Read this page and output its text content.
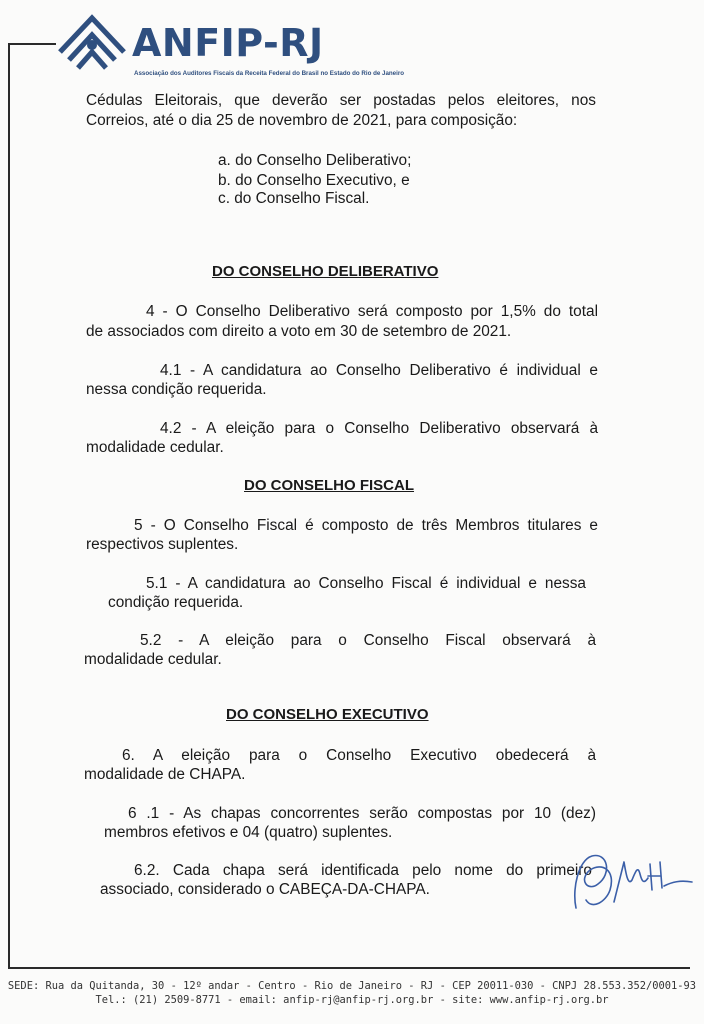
ANFIP-RJ
Associação dos Auditores Fiscais da Receita Federal do Brasil no Estado do Rio de Janeiro
Cédulas Eleitorais, que deverão ser postadas pelos eleitores, nos
Correios, até o dia 25 de novembro de 2021, para composição:
a. do Conselho Deliberativo;
b. do Conselho Executivo, e
c. do Conselho Fiscal.
DO CONSELHO DELIBERATIVO
4 - O Conselho Deliberativo será composto por 1,5% do total
de associados com direito a voto em 30 de setembro de 2021.
4.1 - A candidatura ao Conselho Deliberativo é individual e
nessa condição requerida.
4.2 - A eleição para o Conselho Deliberativo observará à
modalidade cedular.
DO CONSELHO FISCAL
5 - O Conselho Fiscal é composto de três Membros titulares e
respectivos suplentes.
5.1 - A candidatura ao Conselho Fiscal é individual e nessa
condição requerida.
5.2 - A eleição para o Conselho Fiscal observará à
modalidade cedular.
DO CONSELHO EXECUTIVO
6. A eleição para o Conselho Executivo obedecerá à
modalidade de CHAPA.
6 .1 - As chapas concorrentes serão compostas por 10 (dez)
membros efetivos e 04 (quatro) suplentes.
6.2. Cada chapa será identificada pelo nome do primeiro
associado, considerado o CABEÇA-DA-CHAPA.
SEDE: Rua da Quitanda, 30 - 12º andar - Centro - Rio de Janeiro - RJ - CEP 20011-030 - CNPJ 28.553.352/0001-93
Tel.: (21) 2509-8771 - email: anfip-rj@anfip-rj.org.br - site: www.anfip-rj.org.br
